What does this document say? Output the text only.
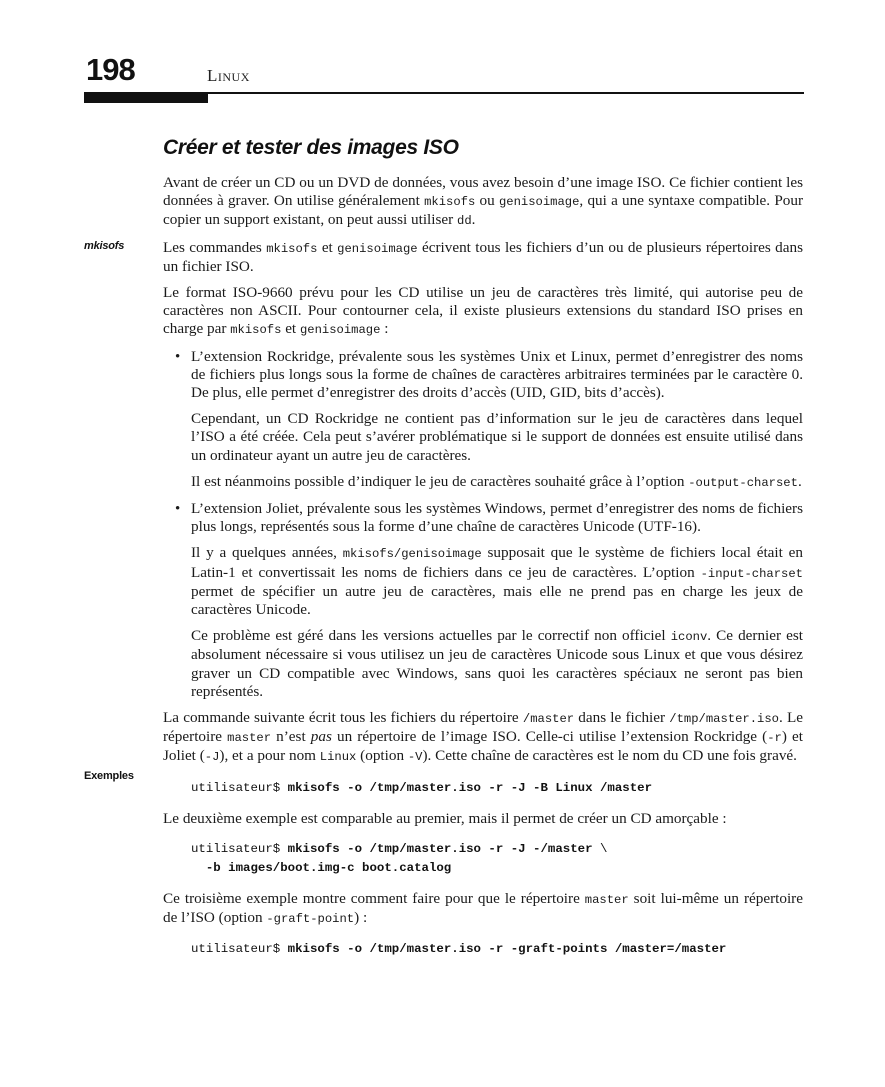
198	Linux
mkisofs
Exemples
Créer et tester des images ISO

Avant de créer un CD ou un DVD de données, vous avez besoin d’une image ISO. Ce fichier contient les données à graver. On utilise généralement mkisofs ou genisoimage, qui a une syntaxe compatible. Pour copier un support existant, on peut aussi utiliser dd.

Les commandes mkisofs et genisoimage écrivent tous les fichiers d’un ou de plusieurs répertoires dans un fichier ISO.

Le format ISO-9660 prévu pour les CD utilise un jeu de caractères très limité, qui autorise peu de caractères non ASCII. Pour contourner cela, il existe plusieurs extensions du standard ISO prises en charge par mkisofs et genisoimage :

• L’extension Rockridge, prévalente sous les systèmes Unix et Linux, permet d’enregistrer des noms de fichiers plus longs sous la forme de chaînes de caractères arbitraires terminées par le caractère 0. De plus, elle permet d’enregistrer des droits d’accès (UID, GID, bits d’accès).

Cependant, un CD Rockridge ne contient pas d’information sur le jeu de caractères dans lequel l’ISO a été créée. Cela peut s’avérer problématique si le support de données est ensuite utilisé dans un ordinateur ayant un autre jeu de caractères.

Il est néanmoins possible d’indiquer le jeu de caractères souhaité grâce à l’option -output-charset.

• L’extension Joliet, prévalente sous les systèmes Windows, permet d’enregistrer des noms de fichiers plus longs, représentés sous la forme d’une chaîne de caractères Unicode (UTF-16).

Il y a quelques années, mkisofs/genisoimage supposait que le système de fichiers local était en Latin-1 et convertissait les noms de fichiers dans ce jeu de caractères. L’option -input-charset permet de spécifier un autre jeu de caractères, mais elle ne prend pas en charge les jeux de caractères Unicode.

Ce problème est géré dans les versions actuelles par le correctif non officiel iconv. Ce dernier est absolument nécessaire si vous utilisez un jeu de caractères Unicode sous Linux et que vous désirez graver un CD compatible avec Windows, sans quoi les caractères spéciaux ne seront pas bien représentés.

La commande suivante écrit tous les fichiers du répertoire /master dans le fichier /tmp/master.iso. Le répertoire master n’est pas un répertoire de l’image ISO. Celle-ci utilise l’extension Rockridge (-r) et Joliet (-J), et a pour nom Linux (option -V). Cette chaîne de caractères est le nom du CD une fois gravé.

utilisateur$ mkisofs -o /tmp/master.iso -r -J -B Linux /master

Le deuxième exemple est comparable au premier, mais il permet de créer un CD amorçable :

utilisateur$ mkisofs -o /tmp/master.iso -r -J -/master \
-b images/boot.img-c boot.catalog

Ce troisième exemple montre comment faire pour que le répertoire master soit lui-même un répertoire de l’ISO (option -graft-point) :

utilisateur$ mkisofs -o /tmp/master.iso -r -graft-points /master=/master
